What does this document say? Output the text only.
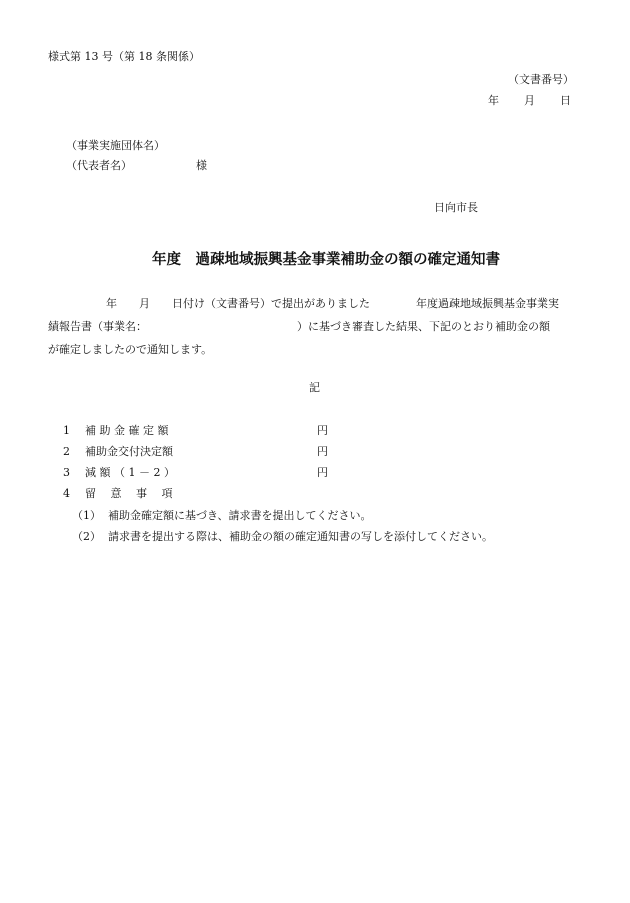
様式第 13 号（第 18 条関係）
（文書番号）
年 月 日
（事業実施団体名）
（代表者名）	様
日向市長
年度　過疎地域振興基金事業補助金の額の確定通知書
年 月 日付け（文書番号）で提出がありました	年度過疎地域振興基金事業実
績報告書（事業名：	）に基づき審査した結果、下記のとおり補助金の額
が確定しましたので通知します。
記
1 補 助 金 確 定 額	円
2 補助金交付決定額	円
3 減 額 （ 1 － 2 ）	円
4 留　 意　 事　 項
（1） 補助金確定額に基づき、請求書を提出してください。
（2） 請求書を提出する際は、補助金の額の確定通知書の写しを添付してください。
